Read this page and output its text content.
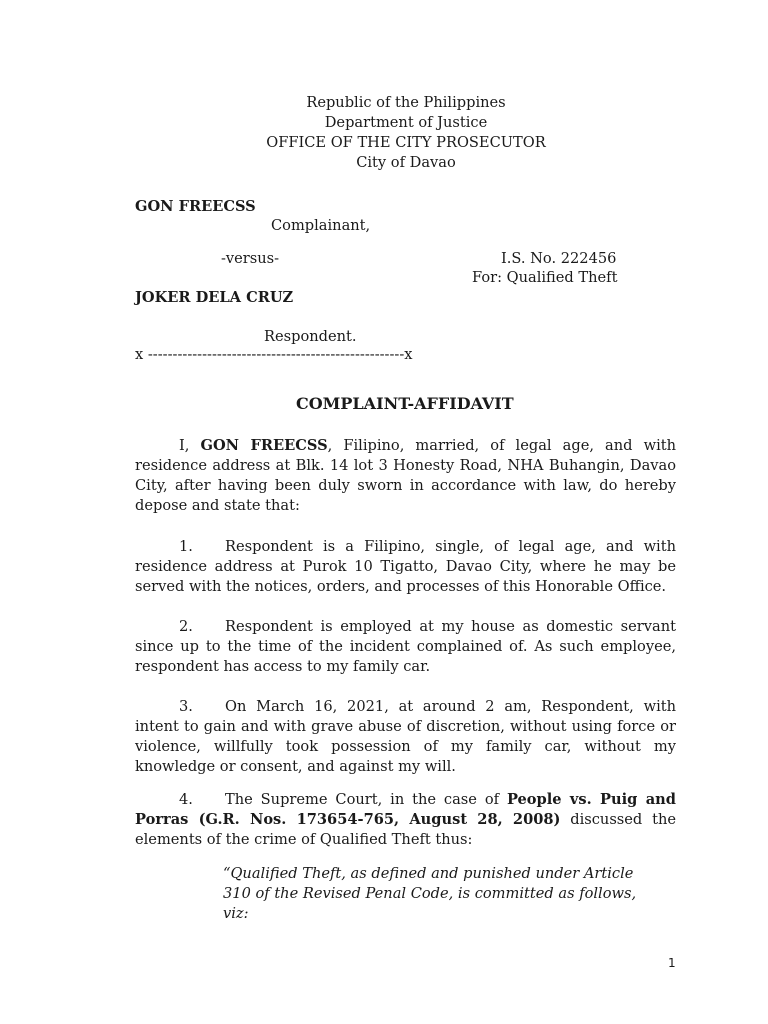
Republic of the Philippines
Department of Justice
OFFICE OF THE CITY PROSECUTOR
City of Davao
GON FREECSS
Complainant,
-versus-	I.S. No. 222456
For: Qualified Theft
JOKER DELA CRUZ
Respondent.
x ----------------------------------------------------x
COMPLAINT-AFFIDAVIT
I, GON FREECSS, Filipino, married, of legal age, and with residence address at Blk. 14 lot 3 Honesty Road, NHA Buhangin, Davao City, after having been duly sworn in accordance with law, do hereby depose and state that:
1. Respondent is a Filipino, single, of legal age, and with residence address at Purok 10 Tigatto, Davao City, where he may be served with the notices, orders, and processes of this Honorable Office.
2. Respondent is employed at my house as domestic servant since up to the time of the incident complained of. As such employee, respondent has access to my family car.
3. On March 16, 2021, at around 2 am, Respondent, with intent to gain and with grave abuse of discretion, without using force or violence, willfully took possession of my family car, without my knowledge or consent, and against my will.
4. The Supreme Court, in the case of People vs. Puig and Porras (G.R. Nos. 173654-765, August 28, 2008) discussed the elements of the crime of Qualified Theft thus:
“Qualified Theft, as defined and punished under Article 310 of the Revised Penal Code, is committed as follows, viz:
1
